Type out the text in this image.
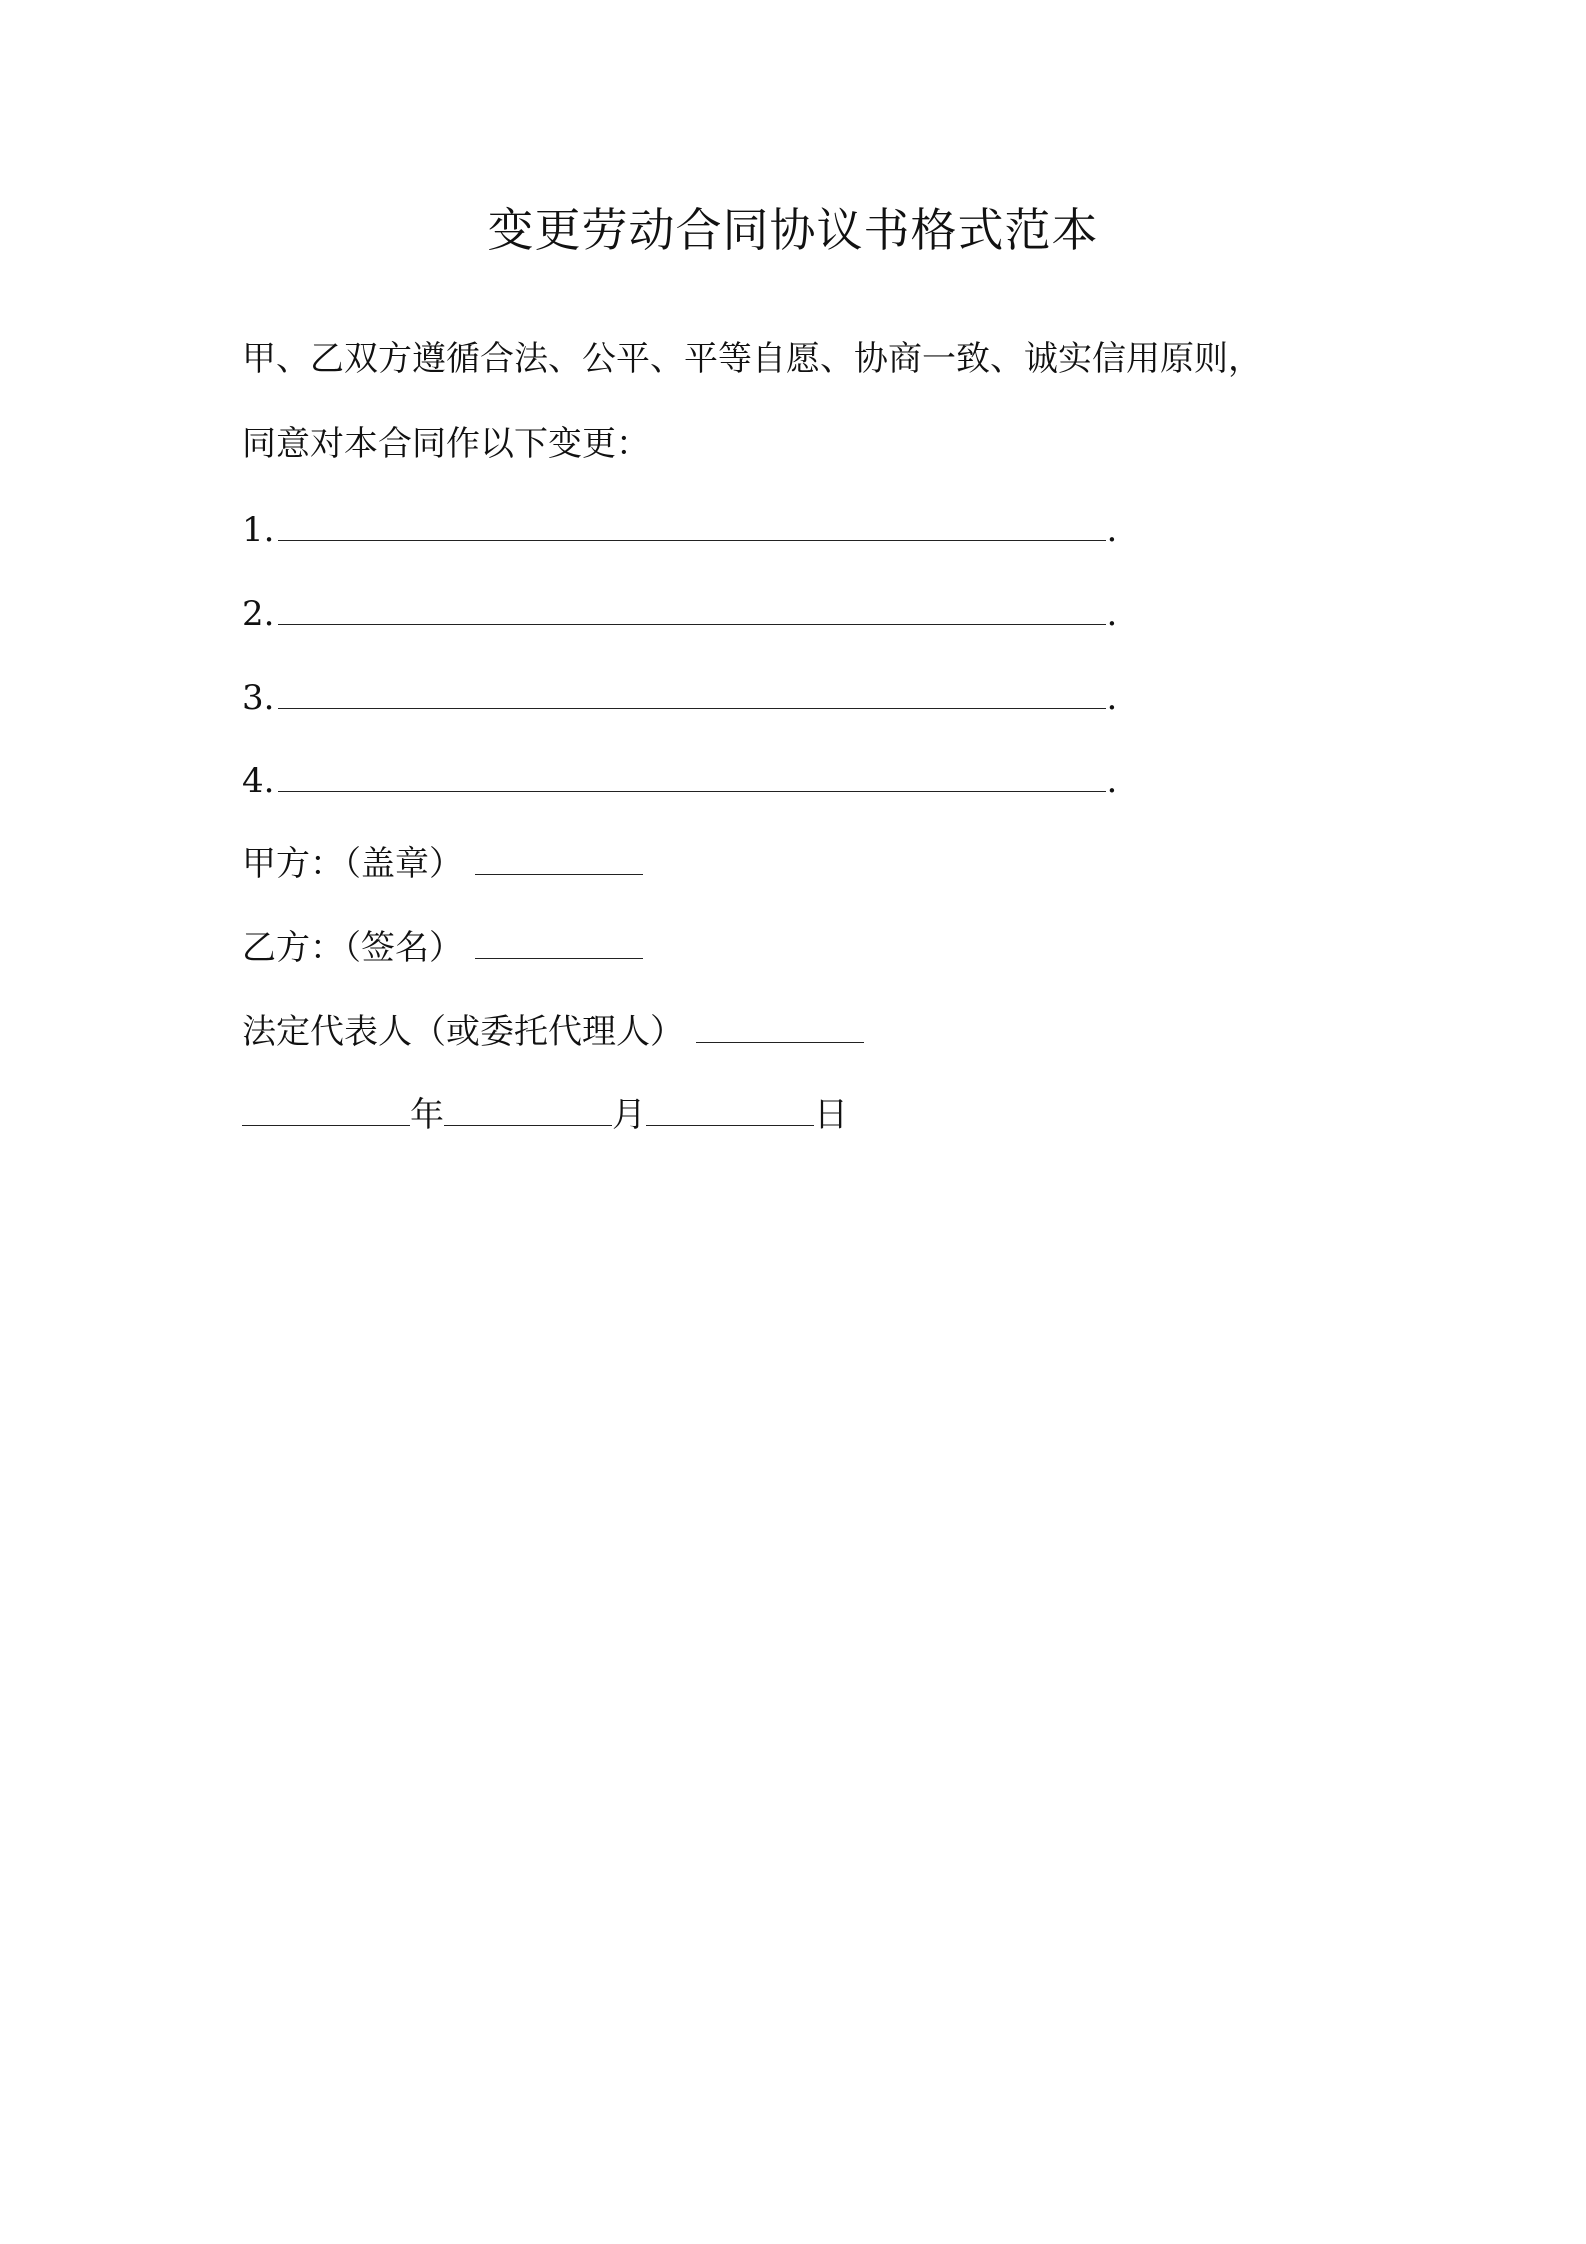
变更劳动合同协议书格式范本
甲、乙双方遵循合法、公平、平等自愿、协商一致、诚实信用原则，
同意对本合同作以下变更：
1.	.
2.	.
3.	.
4.	.
甲方：（盖章）
乙方：（签名）
法定代表人（或委托代理人）
年	月	日
